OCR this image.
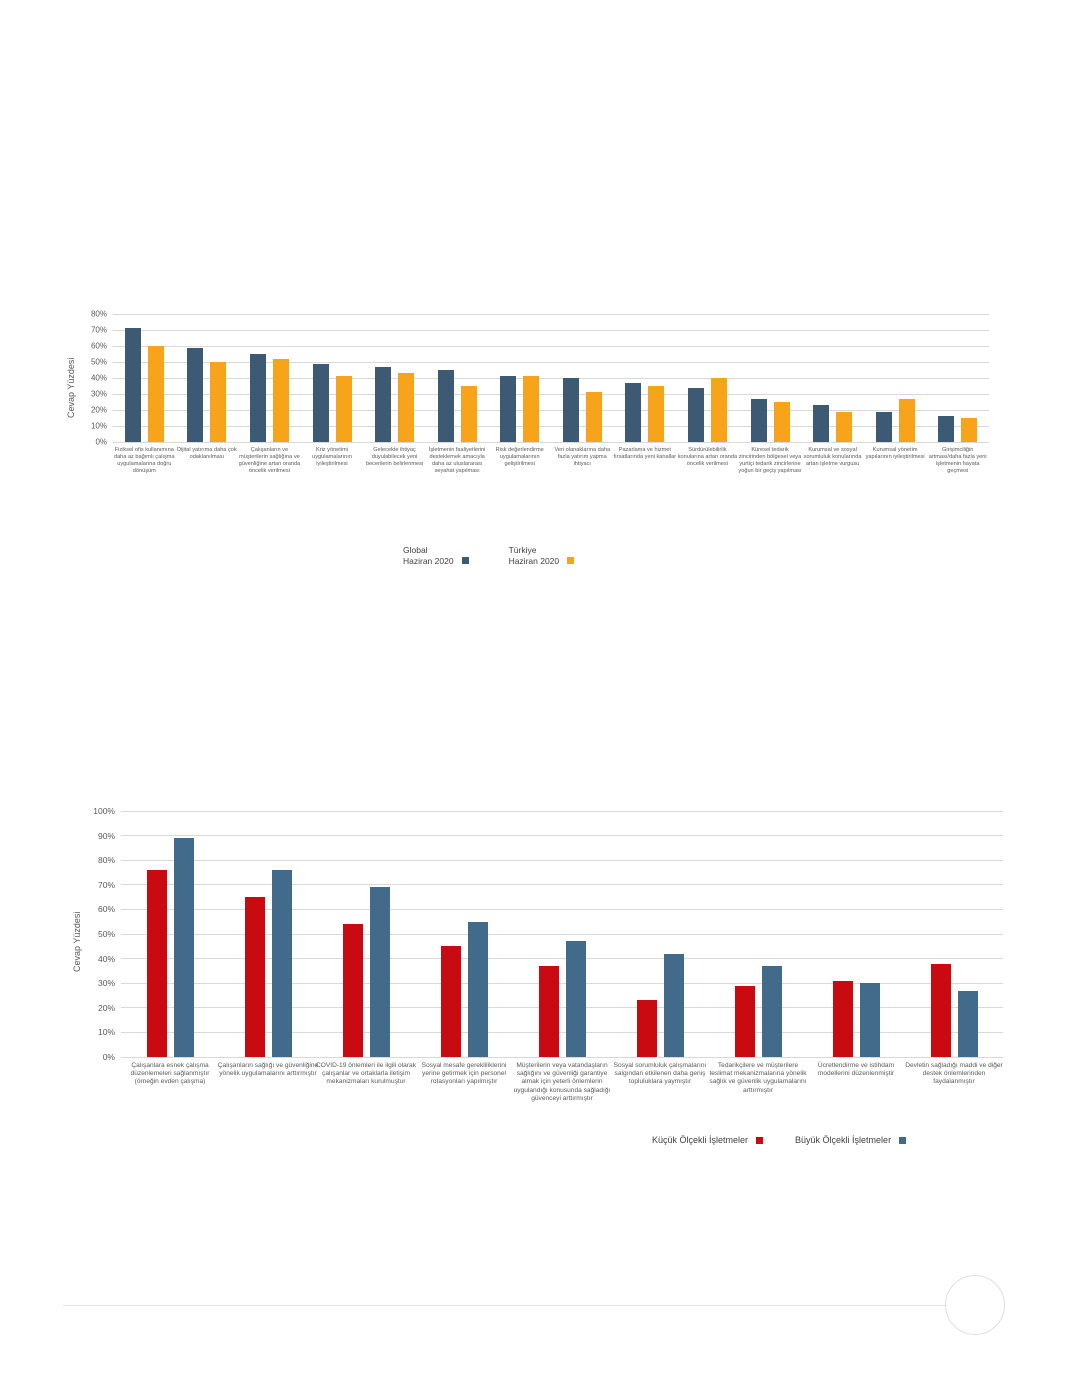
Cevap Yüzdesi
0%
10%
20%
30%
40%
50%
60%
70%
80%
Fiziksel ofis kullanımına daha az bağımlı çalışma uygulamalarına doğru dönüşüm
Dijital yatırıma daha çok odaklanılması
Çalışanların ve müşterilerin sağlığına ve güvenliğine artan oranda öncelik verilmesi
Kriz yönetimi uygulamalarının iyileştirilmesi
Gelecekte ihtiyaç duyulabilecek yeni becerilerin belirlenmesi
İşletmenin faaliyetlerini desteklemek amacıyla daha az uluslararası seyahat yapılması
Risk değerlendirme uygulamalarının geliştirilmesi
Veri olanaklarına daha fazla yatırım yapma ihtiyacı
Pazarlama ve hizmet fırsatlarında yeni kanallar
Sürdürülebilirlik konularına artan oranda öncelik verilmesi
Küresel tedarik zincirinden bölgesel veya yurtiçi tedarik zincirlerine yoğun bir geçiş yapılması
Kurumsal ve sosyal sorumluluk konularında artan işletme vurgusu
Kurumsal yönetim yapılarının iyileştirilmesi
Girişimciliğin artması/daha fazla yeni işletmenin hayata geçmesi
Global
Haziran 2020
Türkiye
Haziran 2020
Cevap Yüzdesi
0%
10%
20%
30%
40%
50%
60%
70%
80%
90%
100%
Çalışanlara esnek çalışma düzenlemeleri sağlanmıştır (örneğin evden çalışma)
Çalışanların sağlığı ve güvenliğine yönelik uygulamalarını arttırmıştır
COVID-19 önlemleri ile ilgili olarak çalışanlar ve ortaklarla iletişim mekanizmaları kurulmuştur
Sosyal mesafe gerekliliklerini yerine getirmek için personel rotasyonları yapılmıştır
Müşterilerin veya vatandaşların sağlığını ve güvenliği garantiye almak için yeterli önlemlerin uygulandığı konusunda sağladığı güvenceyi arttırmıştır
Sosyal sorumluluk çalışmalarını salgından etkilenen daha geniş topluluklara yaymıştır
Tedarikçilere ve müşterilere teslimat mekanizmalarına yönelik sağlık ve güvenlik uygulamalarını arttırmıştır
Ücretlendirme ve istihdam modellerini düzenlenmiştir
Devletin sağladığı maddi ve diğer destek önlemlerinden faydalanmıştır
Küçük Ölçekli İşletmeler	Büyük Ölçekli İşletmeler
